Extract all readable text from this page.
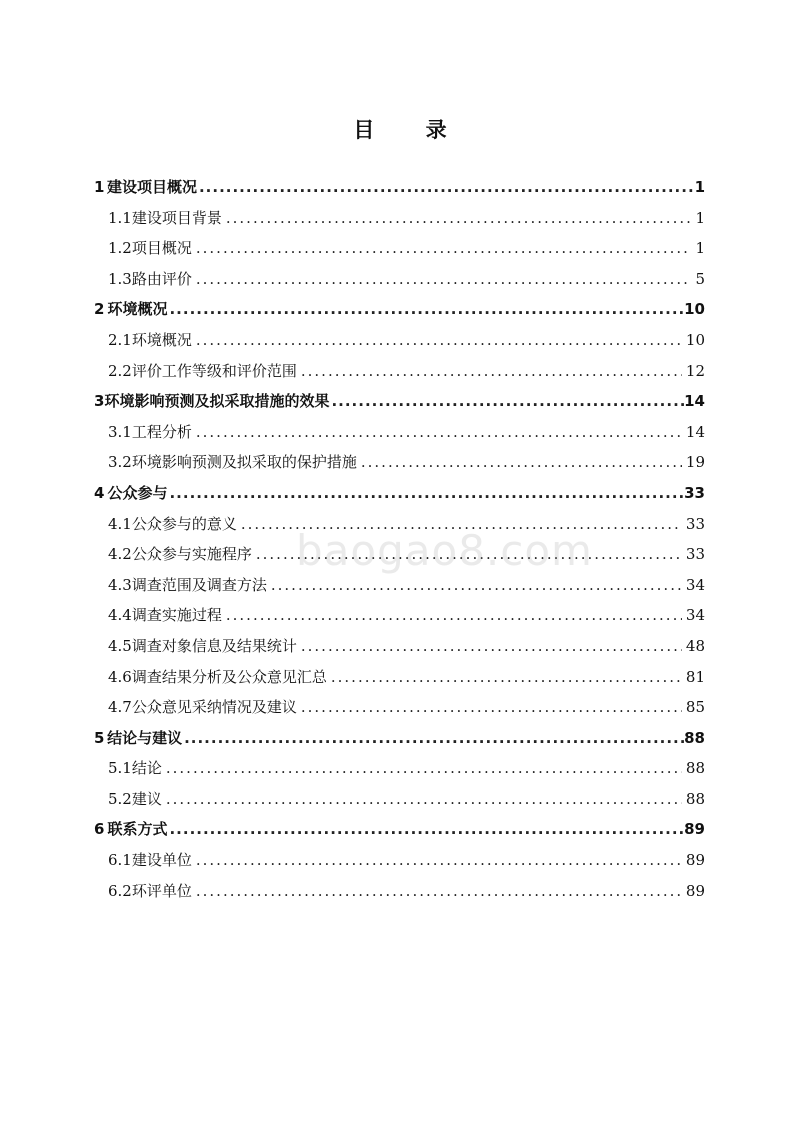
目 录
1 建设项目概况 .....	1
1.1 建设项目背景 .....	1
1.2 项目概况 .....	1
1.3 路由评价 .....	5
2 环境概况 .....	10
2.1 环境概况 .....	10
2.2 评价工作等级和评价范围 .....	12
3 环境影响预测及拟采取措施的效果 .....	14
3.1 工程分析 .....	14
3.2 环境影响预测及拟采取的保护措施 .....	19
4 公众参与 .....	33
4.1 公众参与的意义 .....	33
4.2 公众参与实施程序 .....	33
4.3 调查范围及调查方法 .....	34
4.4 调查实施过程 .....	34
4.5 调查对象信息及结果统计 .....	48
4.6 调查结果分析及公众意见汇总 .....	81
4.7 公众意见采纳情况及建议 .....	85
5 结论与建议 .....	88
5.1 结论 .....	88
5.2 建议 .....	88
6 联系方式 .....	89
6.1 建设单位 .....	89
6.2 环评单位 .....	89
baogao8.com
